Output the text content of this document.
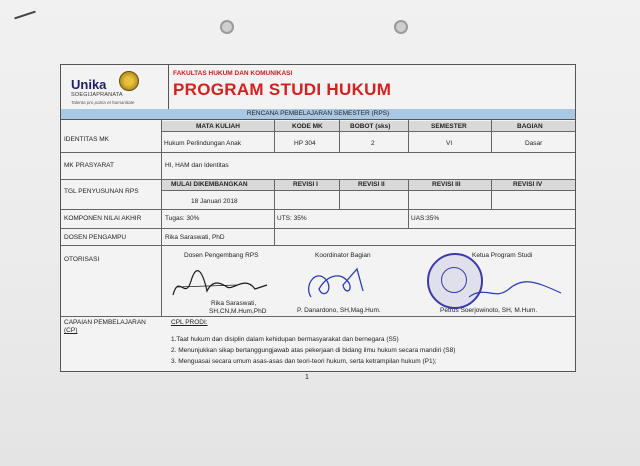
Unika
SOEGIJAPRANATA
Talenta pro patria et humanitate
FAKULTAS HUKUM DAN KOMUNIKASI
PROGRAM STUDI HUKUM
RENCANA PEMBELAJARAN SEMESTER (RPS)
IDENTITAS MK
MATA KULIAH	KODE MK	BOBOT (sks)	SEMESTER	BAGIAN
Hukum Perlindungan Anak	HP 304	2	VI	Dasar
MK PRASYARAT	HI, HAM dan Identitas
TGL PENYUSUNAN RPS
MULAI DIKEMBANGKAN	REVISI I	REVISI II	REVISI III	REVISI IV
18 Januari 2018
KOMPONEN NILAI AKHIR	Tugas: 30%	UTS: 35%	UAS:35%
DOSEN PENGAMPU	Rika Saraswati, PhD
OTORISASI
Dosen Pengembang RPS	Koordinator Bagian	Ketua Program Studi
Rika Saraswati,
SH,CN,M.Hum,PhD	P. Danardono, SH,Mag.Hum.	Petrus Soerjowinoto, SH, M.Hum.
CAPAIAN PEMBELAJARAN
(CP)
CPL PRODI:
1.Taat hukum dan disiplin dalam kehidupan bermasyarakat dan bernegara (S5)
2. Menunjukkan sikap bertanggungjawab atas pekerjaan di bidang ilmu hukum secara mandiri (S8)
3. Menguasai secara umum asas-asas dan teori-teori hukum, serta ketrampilan hukum (P1);
1
